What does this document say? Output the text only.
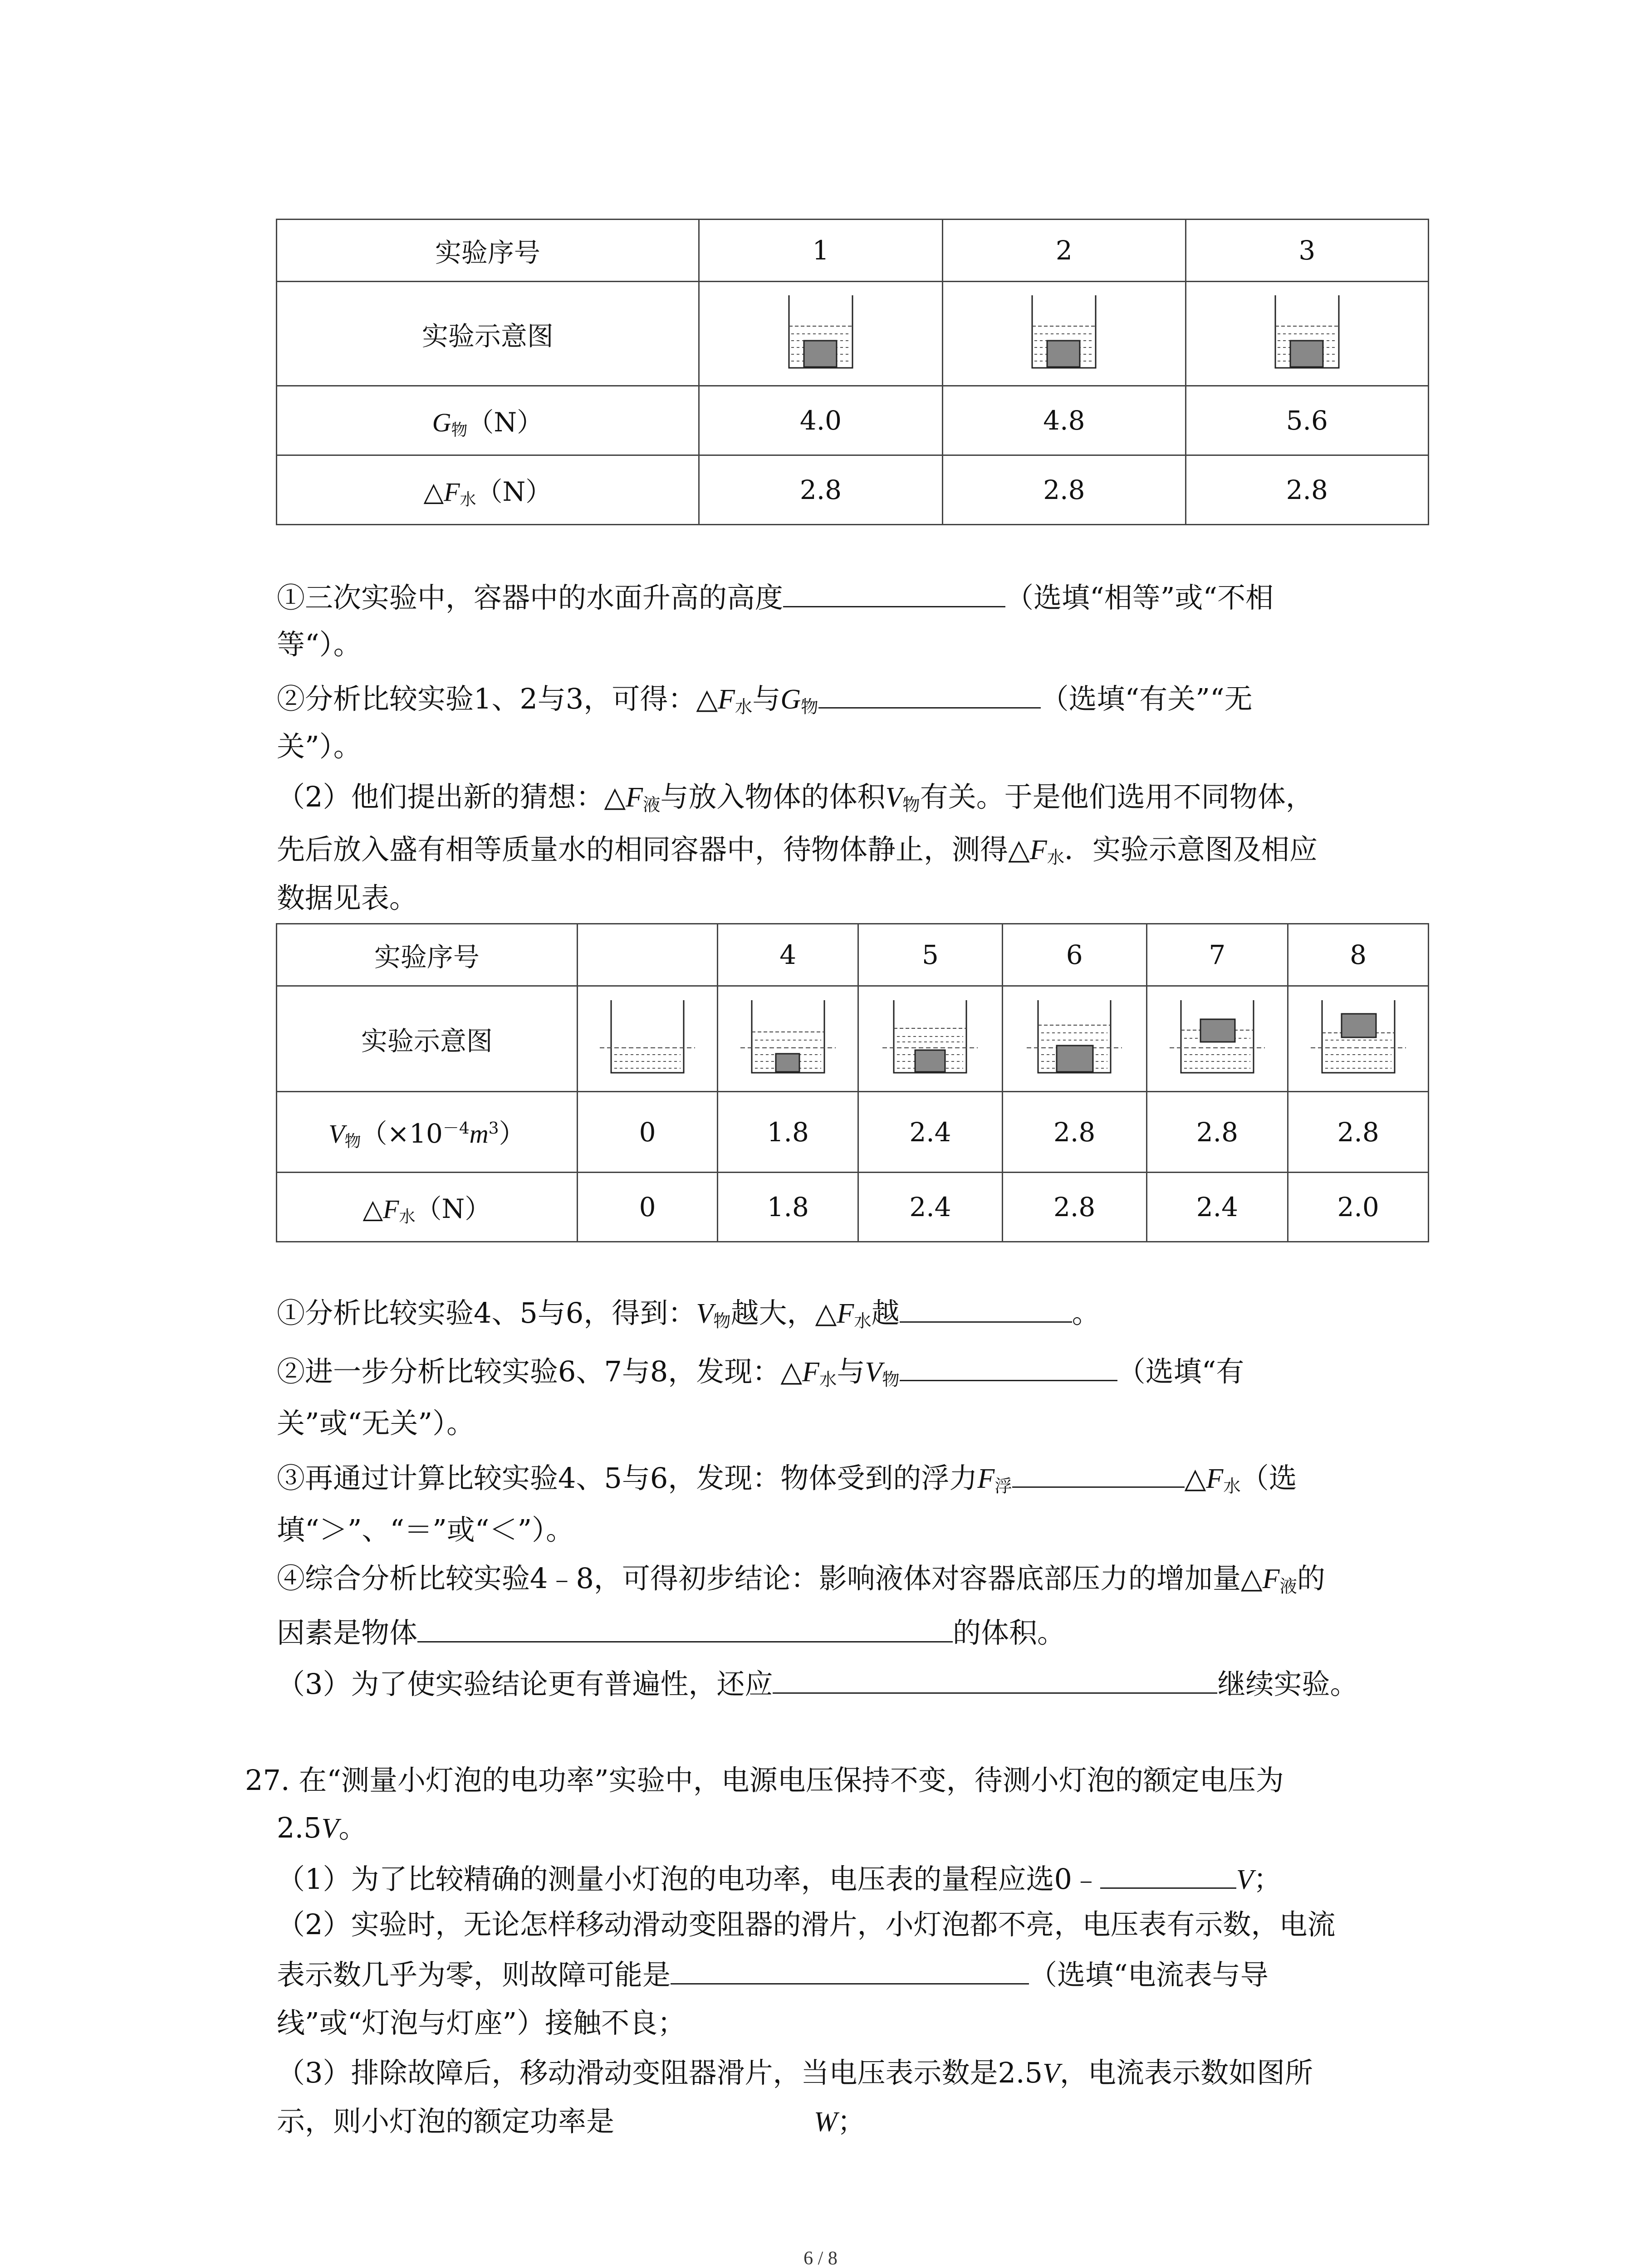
实验序号	1	2	3
实验示意图	

$G_物(N)$	4.0	4.8	5.6
$\triangle F_水(N)$	2.8	2.8	2.8
①三次实验中，容器中的水面升高的高度	（选填“相等”或“不相
等“）。
②分析比较实验1、2与3，可得：$\triangle F_水$与$G_物$	（选填“有关”“无
关”）。
（2）他们提出新的猜想：$\triangle F_液$与放入物体的体积$V_物$有关。于是他们选用不同物体，
先后放入盛有相等质量水的相同容器中，待物体静止，测得$\triangle F_水$．实验示意图及相应
数据见表。
实验序号		4	5	6	7	8
实验示意图	

$V_物(\times 10^{-4}m^3)$	0	1.8	2.4	2.8	2.8	2.8
$\triangle F_水(N)$	0	1.8	2.4	2.8	2.4	2.0
①分析比较实验4、5与6，得到：$V_物$越大，$\triangle F_水$越	。
②进一步分析比较实验6、7与8，发现：$\triangle F_水$与$V_物$	（选填“有
关”或“无关”）。
③再通过计算比较实验4、5与6，发现：物体受到的浮力$F_浮$	$\triangle F_水$（选
填“＞”、“＝”或“＜”）。
④综合分析比较实验4﹣8，可得初步结论：影响液体对容器底部压力的增加量$\triangle F_液$的
因素是物体	的体积。
（3）为了使实验结论更有普遍性，还应	继续实验。
27. 在“测量小灯泡的电功率”实验中，电源电压保持不变，待测小灯泡的额定电压为
2.5V。
（1）为了比较精确的测量小灯泡的电功率，电压表的量程应选0﹣	V；
（2）实验时，无论怎样移动滑动变阻器的滑片，小灯泡都不亮，电压表有示数，电流
表示数几乎为零，则故障可能是	（选填“电流表与导
线”或“灯泡与灯座”）接触不良；
（3）排除故障后，移动滑动变阻器滑片，当电压表示数是2.5V，电流表示数如图所
示，则小灯泡的额定功率是	W；
6 / 8
